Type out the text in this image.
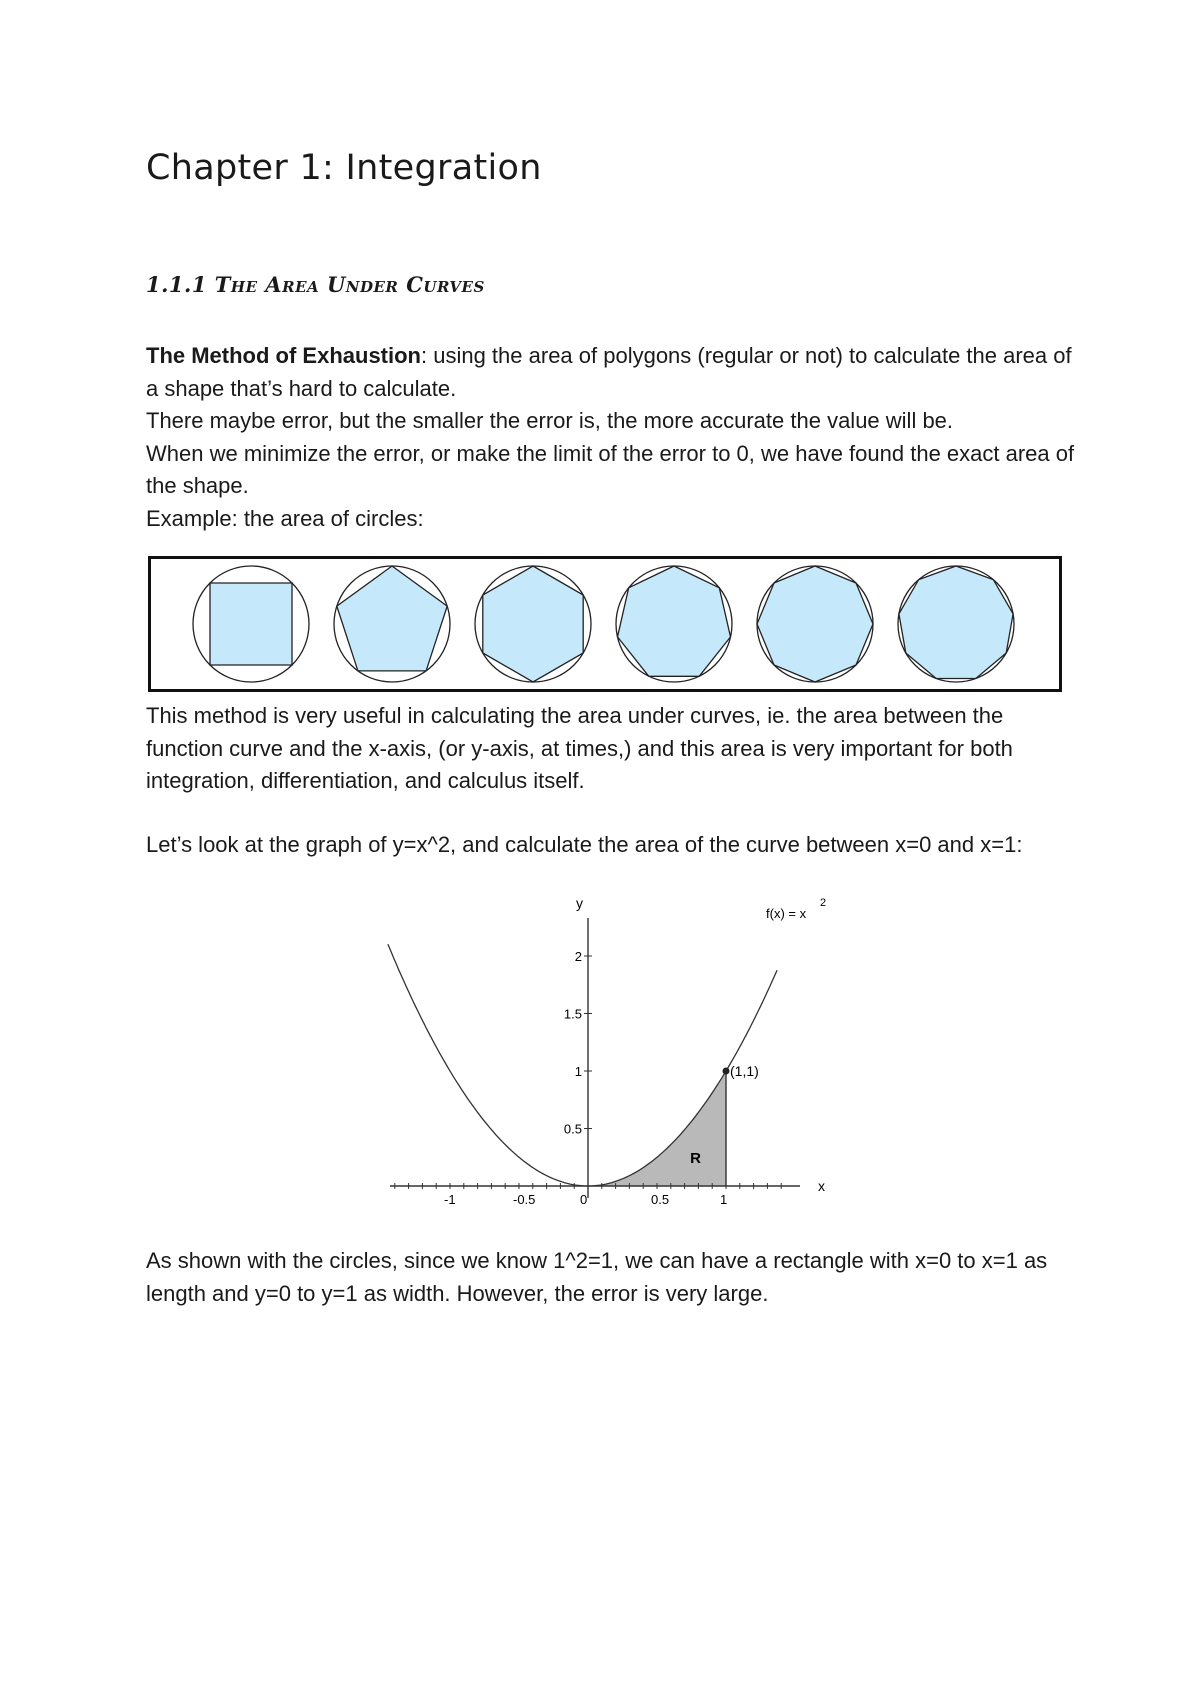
Chapter 1: Integration
1.1.1 The Area Under Curves

The Method of Exhaustion: using the area of polygons (regular or not) to calculate the area of a shape that’s hard to calculate.

There maybe error, but the smaller the error is, the more accurate the value will be.

When we minimize the error, or make the limit of the error to 0, we have found the exact area of the shape.

Example: the area of circles:

This method is very useful in calculating the area under curves, ie. the area between the function curve and the x-axis, (or y-axis, at times,) and this area is very important for both integration, differentiation, and calculus itself.
Let’s look at the graph of y=x^2, and calculate the area of the curve between x=0 and x=1:
(1,1)
R
x
y
f(x) = x
2
-1	-0.5	0	0.5	1
0.5
1
1.5
2
As shown with the circles, since we know 1^2=1, we can have a rectangle with x=0 to x=1 as length and y=0 to y=1 as width. However, the error is very large.
